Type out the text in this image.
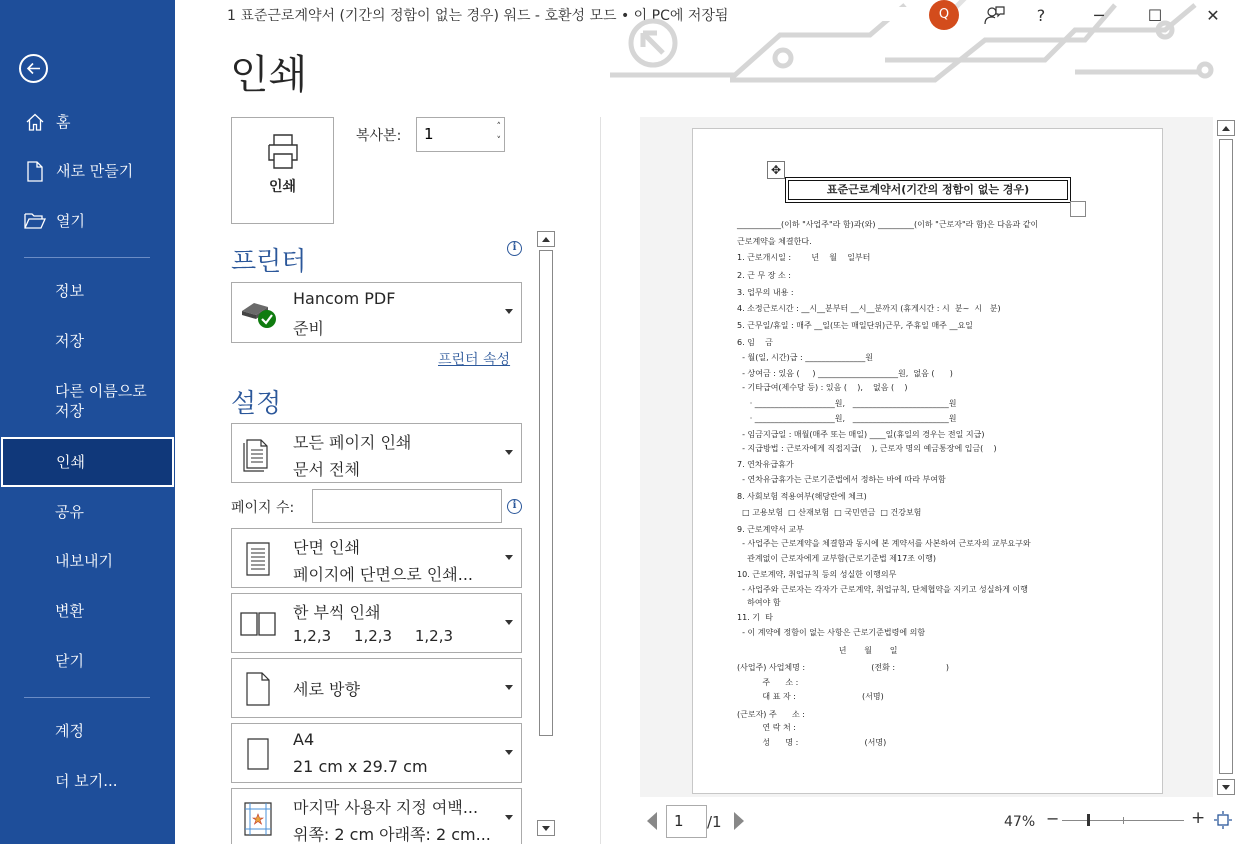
홈
새로 만들기
열기
정보
저장
다른 이름으로
저장
인쇄
공유
내보내기
변환
닫기
계정
더 보기...
1 표준근로계약서 (기간의 정함이 없는 경우) 워드 - 호환성 모드 • 이 PC에 저장됨	Q	?	─	☐	✕
인쇄
인쇄
복사본:
1
˄
˅
프린터	i
Hancom PDF
준비
프린터 속성
설정
모든 페이지 인쇄
문서 전체
페이지 수:	i
단면 인쇄
페이지에 단면으로 인쇄...
한 부씩 인쇄
1,2,3 1,2,3 1,2,3
세로 방향
A4
21 cm x 29.7 cm
마지막 사용자 지정 여백...
위쪽: 2 cm 아래쪽: 2 cm...
✥
표준근로계약서(기간의 정함이 없는 경우)
___________(이하 "사업주"라 함)과(와) _________(이하 "근로자"라 함)은 다음과 같이
근로계약을 체결한다.
1. 근로개시일 :        년    월    일부터
2. 근 무 장 소 :
3. 업무의 내용 :
4. 소정근로시간 : __시__분부터 __시__분까지 (휴게시간 : 시  분~  시   분)
5. 근무일/휴일 : 매주 __일(또는 매일단위)근무, 주휴일 매주 __요일
6. 임    금
- 월(일, 시간)급 : _______________원
- 상여금 : 있음 (     ) ____________________원,  없음 (      )
- 기타급여(제수당 등) : 있음 (    ),    없음 (    )
· ____________________원,   ________________________원
· ____________________원,   ________________________원
- 임금지급일 : 매월(매주 또는 매일) ____일(휴일의 경우는 전일 지급)
- 지급방법 : 근로자에게 직접지급(    ), 근로자 명의 예금통장에 입금(    )
7. 연차유급휴가
- 연차유급휴가는 근로기준법에서 정하는 바에 따라 부여함
8. 사회보험 적용여부(해당란에 체크)
□ 고용보험  □ 산재보험  □ 국민연금  □ 건강보험
9. 근로계약서 교부
- 사업주는 근로계약을 체결함과 동시에 본 계약서를 사본하여 근로자의 교부요구와
관계없이 근로자에게 교부함(근로기준법 제17조 이행)
10. 근로계약, 취업규칙 등의 성실한 이행의무
- 사업주와 근로자는 각자가 근로계약, 취업규칙, 단체협약을 지키고 성실하게 이행
하여야 함
11. 기  타
- 이 계약에 정함이 없는 사항은 근로기준법령에 의함
년       월       일
(사업주) 사업체명 :                          (전화 :                    )
주      소 :
대 표 자 :                          (서명)
(근로자) 주      소 :
연 락 처 :
성      명 :                          (서명)
1	/1	47% −	+
